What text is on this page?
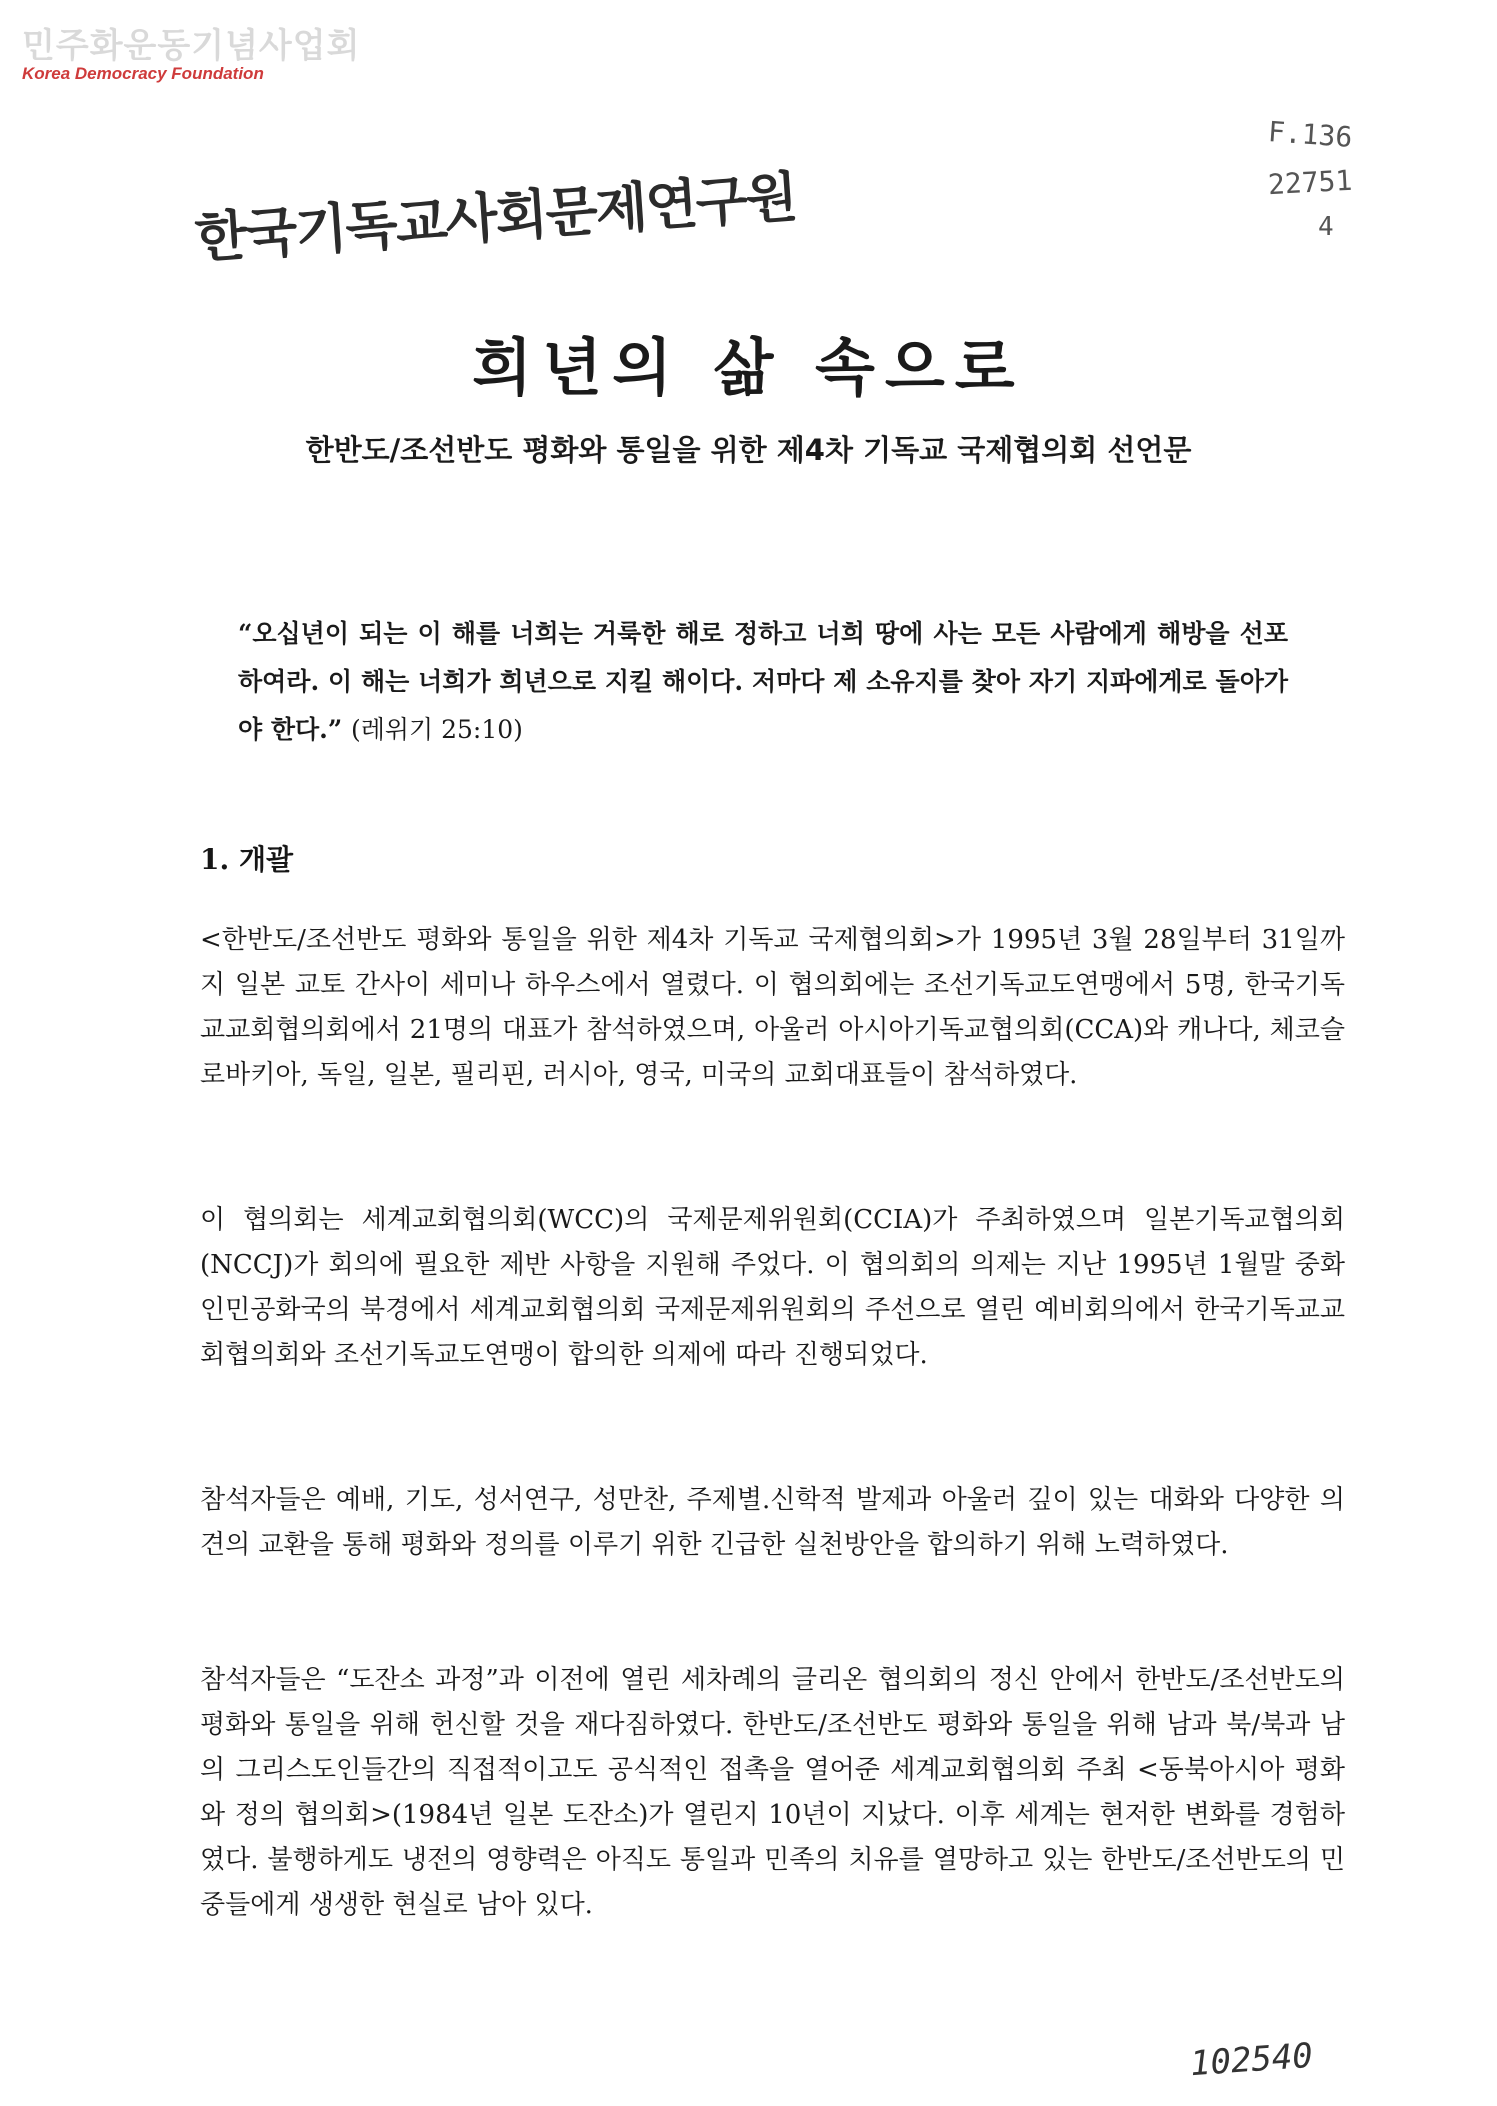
민주화운동기념사업회
Korea Democracy Foundation
F.136
22751
4
한국기독교사회문제연구원
희년의 삶 속으로
한반도/조선반도 평화와 통일을 위한 제4차 기독교 국제협의회 선언문
“오십년이 되는 이 해를 너희는 거룩한 해로 정하고 너희 땅에 사는 모든 사람에게 해방을 선포하여라. 이 해는 너희가 희년으로 지킬 해이다. 저마다 제 소유지를 찾아 자기 지파에게로 돌아가야 한다.” (레위기 25:10)
1. 개괄
<한반도/조선반도 평화와 통일을 위한 제4차 기독교 국제협의회>가 1995년 3월 28일부터 31일까지 일본 교토 간사이 세미나 하우스에서 열렸다. 이 협의회에는 조선기독교도연맹에서 5명, 한국기독교교회협의회에서 21명의 대표가 참석하였으며, 아울러 아시아기독교협의회(CCA)와 캐나다, 체코슬로바키아, 독일, 일본, 필리핀, 러시아, 영국, 미국의 교회대표들이 참석하였다.
이 협의회는 세계교회협의회(WCC)의 국제문제위원회(CCIA)가 주최하였으며 일본기독교협의회(NCCJ)가 회의에 필요한 제반 사항을 지원해 주었다. 이 협의회의 의제는 지난 1995년 1월말 중화인민공화국의 북경에서 세계교회협의회 국제문제위원회의 주선으로 열린 예비회의에서 한국기독교교회협의회와 조선기독교도연맹이 합의한 의제에 따라 진행되었다.
참석자들은 예배, 기도, 성서연구, 성만찬, 주제별.신학적 발제과 아울러 깊이 있는 대화와 다양한 의견의 교환을 통해 평화와 정의를 이루기 위한 긴급한 실천방안을 합의하기 위해 노력하였다.
참석자들은 “도잔소 과정”과 이전에 열린 세차례의 글리온 협의회의 정신 안에서 한반도/조선반도의 평화와 통일을 위해 헌신할 것을 재다짐하였다. 한반도/조선반도 평화와 통일을 위해 남과 북/북과 남의 그리스도인들간의 직접적이고도 공식적인 접촉을 열어준 세계교회협의회 주최 <동북아시아 평화와 정의 협의회>(1984년 일본 도잔소)가 열린지 10년이 지났다. 이후 세계는 현저한 변화를 경험하였다. 불행하게도 냉전의 영향력은 아직도 통일과 민족의 치유를 열망하고 있는 한반도/조선반도의 민중들에게 생생한 현실로 남아 있다.
102540
